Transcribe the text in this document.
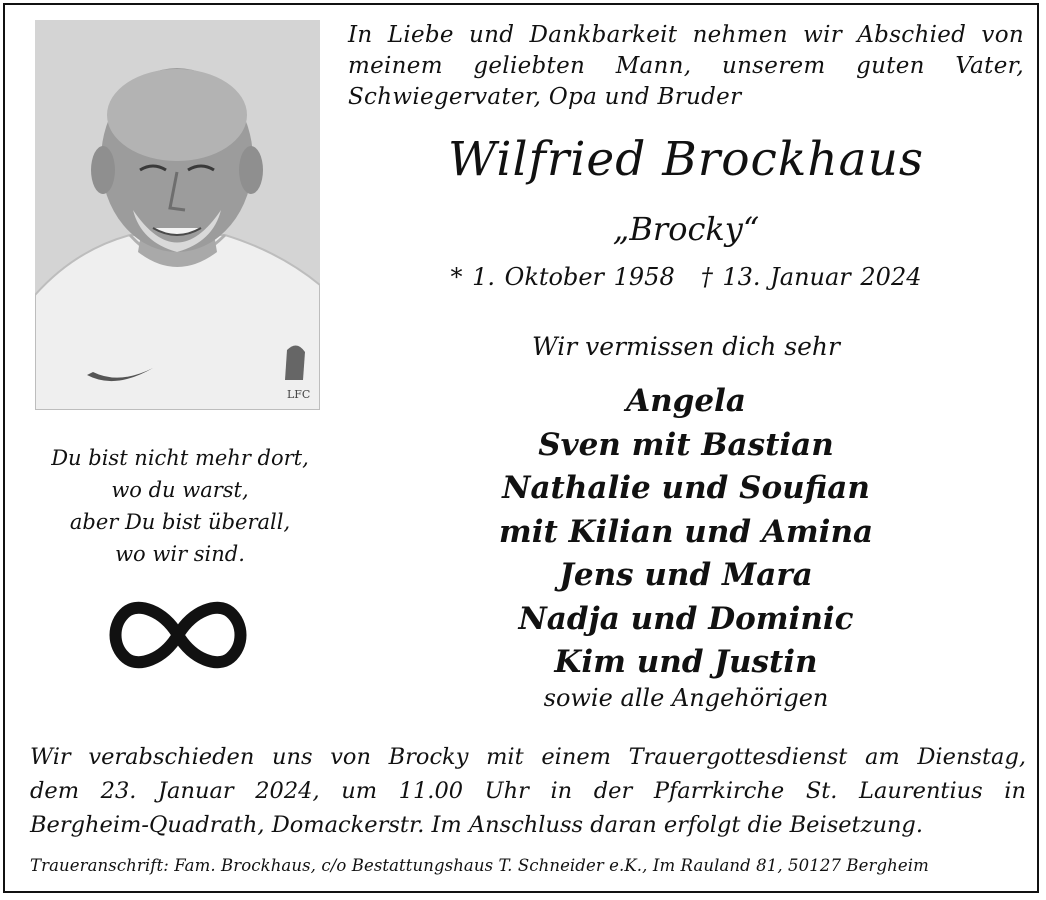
LFC
In Liebe und Dankbarkeit nehmen wir Abschied von
meinem geliebten Mann, unserem guten Vater,
Schwiegervater, Opa und Bruder
Wilfried Brockhaus
„Brocky“
* 1. Oktober 1958 † 13. Januar 2024
Wir vermissen dich sehr
Angela
Sven mit Bastian
Nathalie und Soufian
mit Kilian und Amina
Jens und Mara
Nadja und Dominic
Kim und Justin
sowie alle Angehörigen
Du bist nicht mehr dort,
wo du warst,
aber Du bist überall,
wo wir sind.
Wir verabschieden uns von Brocky mit einem Trauergottesdienst am Dienstag,
dem 23. Januar 2024, um 11.00 Uhr in der Pfarrkirche St. Laurentius in
Bergheim-Quadrath, Domackerstr. Im Anschluss daran erfolgt die Beisetzung.
Traueranschrift: Fam. Brockhaus, c/o Bestattungshaus T. Schneider e.K., Im Rauland 81, 50127 Bergheim
